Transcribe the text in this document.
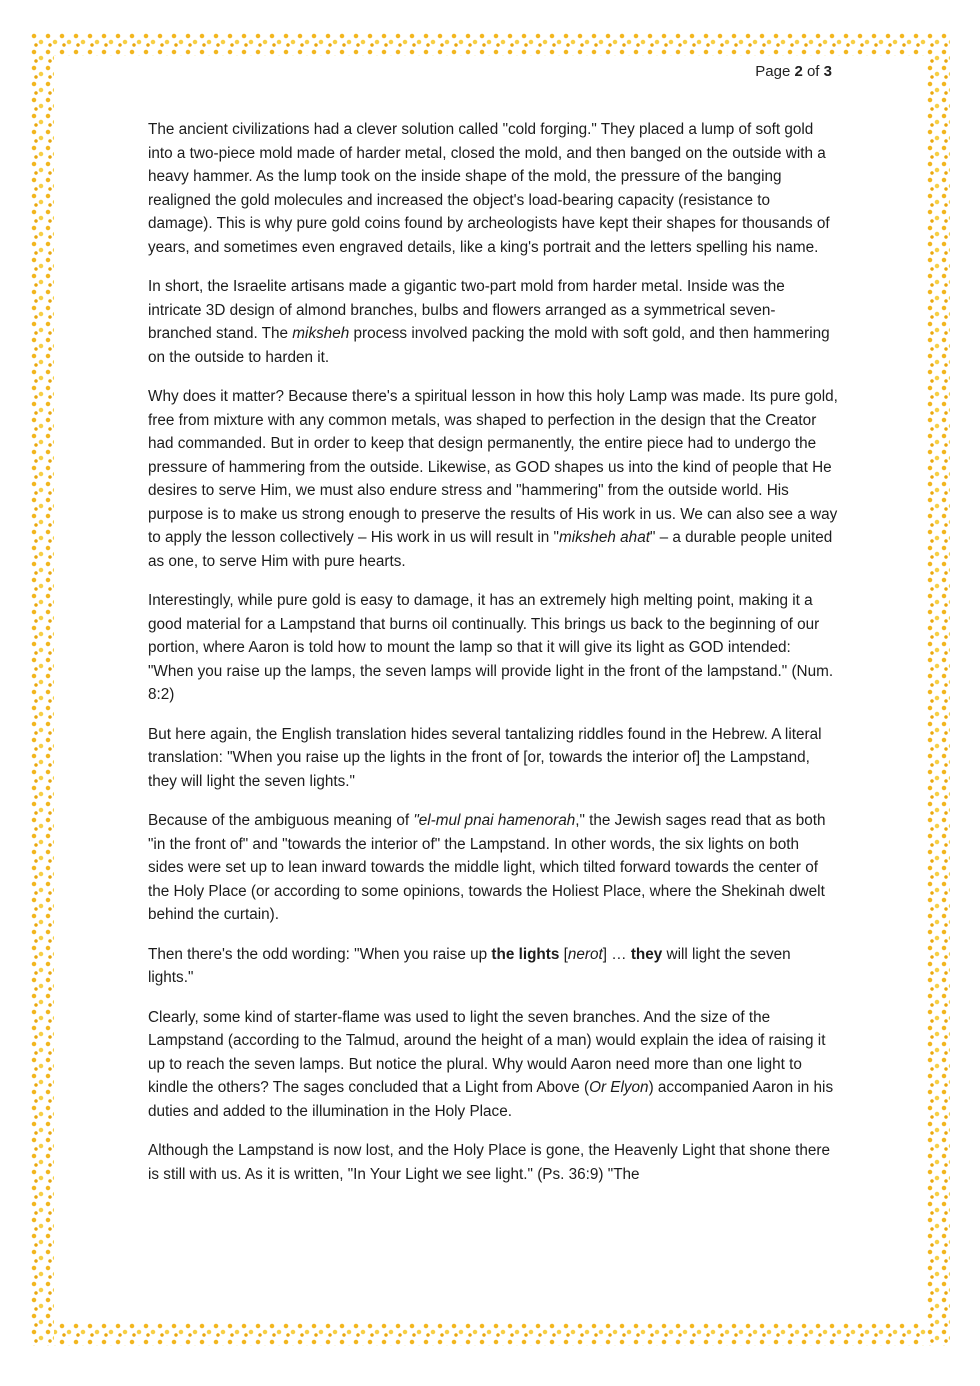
Page 2 of 3

The ancient civilizations had a clever solution called "cold forging." They placed a lump of soft gold into a two-piece mold made of harder metal, closed the mold, and then banged on the outside with a heavy hammer. As the lump took on the inside shape of the mold, the pressure of the banging realigned the gold molecules and increased the object's load-bearing capacity (resistance to damage). This is why pure gold coins found by archeologists have kept their shapes for thousands of years, and sometimes even engraved details, like a king's portrait and the letters spelling his name.

In short, the Israelite artisans made a gigantic two-part mold from harder metal. Inside was the intricate 3D design of almond branches, bulbs and flowers arranged as a symmetrical seven-branched stand. The miksheh process involved packing the mold with soft gold, and then hammering on the outside to harden it.

Why does it matter? Because there's a spiritual lesson in how this holy Lamp was made. Its pure gold, free from mixture with any common metals, was shaped to perfection in the design that the Creator had commanded. But in order to keep that design permanently, the entire piece had to undergo the pressure of hammering from the outside. Likewise, as GOD shapes us into the kind of people that He desires to serve Him, we must also endure stress and "hammering" from the outside world. His purpose is to make us strong enough to preserve the results of His work in us. We can also see a way to apply the lesson collectively – His work in us will result in "miksheh ahat" – a durable people united as one, to serve Him with pure hearts.

Interestingly, while pure gold is easy to damage, it has an extremely high melting point, making it a good material for a Lampstand that burns oil continually. This brings us back to the beginning of our portion, where Aaron is told how to mount the lamp so that it will give its light as GOD intended: "When you raise up the lamps, the seven lamps will provide light in the front of the lampstand." (Num. 8:2)

But here again, the English translation hides several tantalizing riddles found in the Hebrew. A literal translation: "When you raise up the lights in the front of [or, towards the interior of] the Lampstand, they will light the seven lights."

Because of the ambiguous meaning of "el-mul pnai hamenorah," the Jewish sages read that as both "in the front of" and "towards the interior of" the Lampstand. In other words, the six lights on both sides were set up to lean inward towards the middle light, which tilted forward towards the center of the Holy Place (or according to some opinions, towards the Holiest Place, where the Shekinah dwelt behind the curtain).

Then there's the odd wording: "When you raise up the lights [nerot] … they will light the seven lights."

Clearly, some kind of starter-flame was used to light the seven branches. And the size of the Lampstand (according to the Talmud, around the height of a man) would explain the idea of raising it up to reach the seven lamps. But notice the plural. Why would Aaron need more than one light to kindle the others? The sages concluded that a Light from Above (Or Elyon) accompanied Aaron in his duties and added to the illumination in the Holy Place.

Although the Lampstand is now lost, and the Holy Place is gone, the Heavenly Light that shone there is still with us. As it is written, "In Your Light we see light." (Ps. 36:9) "The
